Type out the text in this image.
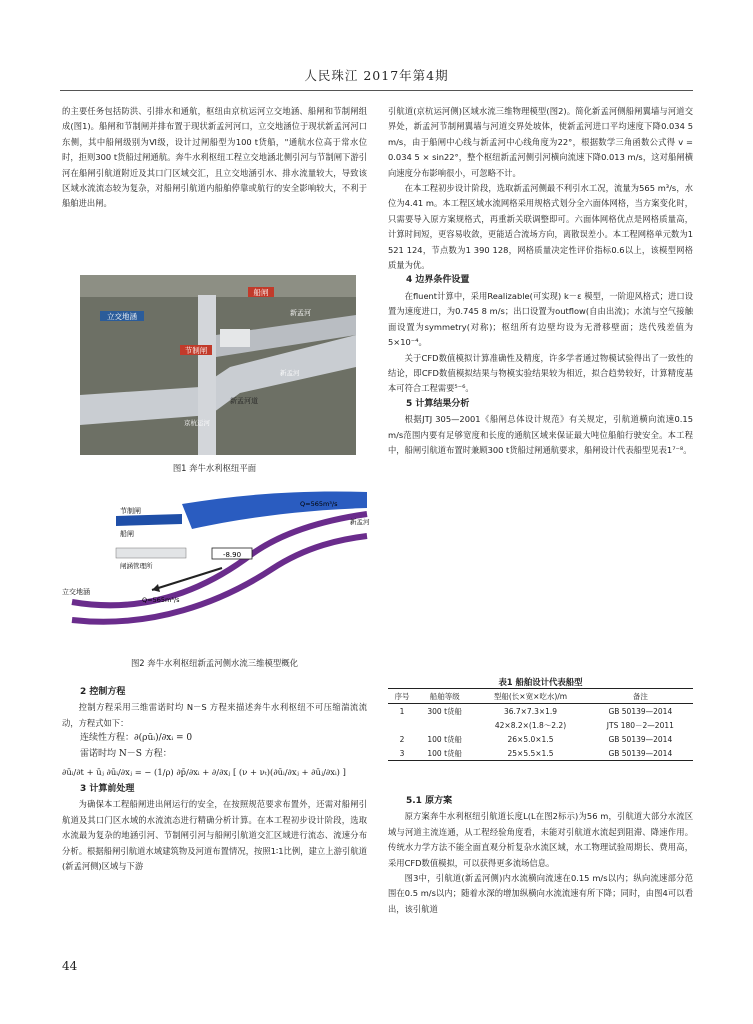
人民珠江 2017年第4期

的主要任务包括防洪、引排水和通航，枢纽由京杭运河立交地涵、船闸和节制闸组成(图1)。船闸和节制闸并排布置于现状新孟河河口，立交地涵位于现状新孟河河口东侧，其中船闸级别为Ⅵ级，设计过闸船型为100 t货船，"通航水位高于常水位时，拒则300 t货船过闸通航。奔牛水利枢纽工程立交地涵北侧引河与节制闸下游引河在船闸引航道附近及其口门区域交汇，且立交地涵引水、排水流量较大，导致该区域水流流态较为复杂，对船闸引航道内船舶停靠或航行的安全影响较大，不利于船舶进出闸。

立交地涵
船闸
节制闸
新孟河
新孟河道
京杭运河
新孟河
图1 奔牛水利枢纽平面
-8.90
节制闸
船闸
闸涵管理所
立交地涵
Q=565m³/s
Q=565m³/s
新孟河
图2 奔牛水利枢纽新孟河侧水流三维模型概化

2 控制方程

控制方程采用三维雷诺时均 N－S 方程来描述奔牛水利枢纽不可压缩湍流流动，方程式如下：

连续性方程：∂(ρūᵢ)/∂xᵢ = 0

雷诺时均 N－S 方程：

∂ūᵢ/∂t + ūⱼ ∂ūᵢ/∂xⱼ = − (1/ρ) ∂p̄/∂xᵢ + ∂/∂xⱼ [ (ν + νₜ)(∂ūᵢ/∂xⱼ + ∂ūⱼ/∂xᵢ) ]

3 计算前处理

为确保本工程船闸进出闸运行的安全，在按照规范要求布置外，还需对船闸引航道及其口门区水域的水流流态进行精确分析计算。在本工程初步设计阶段，选取水流最为复杂的地涵引河、节制闸引河与船闸引航道交汇区域进行流态、流速分布分析。根据船闸引航道水域建筑物及河道布置情况，按照1∶1比例，建立上游引航道(新孟河侧)区域与下游

44

引航道(京杭运河侧)区域水流三维物理模型(图2)。简化新孟河侧船闸翼墙与河道交界处，新孟河节制闸翼墙与河道交界处坡体，使新孟河进口平均速度下降0.034 5 m/s，由于船闸中心线与新孟河中心线角度为22°，根据数学三角函数公式得 v = 0.034 5 × sin22°，整个枢纽新孟河侧引河横向流速下降0.013 m/s，这对船闸横向速度分布影响很小，可忽略不计。

在本工程初步设计阶段，选取新孟河侧最不利引水工况，流量为565 m³/s，水位为4.41 m。本工程区域水流网格采用规格式划分全六面体网格，当方案变化时，只需要导入原方案规格式，再重新关联调整即可。六面体网格优点是网格质量高，计算时间短，更容易收敛，更能适合流场方向，离散误差小。本工程网格单元数为1 521 124，节点数为1 390 128，网格质量决定性评价指标0.6以上，该模型网格质量为优。

4 边界条件设置

在fluent计算中，采用Realizable(可实现) k－ε 模型，一阶迎风格式；进口设置为速度进口，为0.745 8 m/s；出口设置为outflow(自由出流)；水流与空气接触面设置为symmetry(对称)；枢纽所有边壁均设为无滑移壁面；迭代残差值为5×10⁻⁴。

关于CFD数值模拟计算准确性及精度，许多学者通过物模试验得出了一致性的结论，即CFD数值模拟结果与物模实验结果较为相近，拟合趋势较好，计算精度基本可符合工程需要⁵⁻⁶。

5 计算结果分析

根据JTJ 305—2001《船闸总体设计规范》有关规定，引航道横向流速0.15 m/s范围内要有足够宽度和长度的通航区域来保证最大吨位船舶行驶安全。本工程中，船闸引航道布置时兼顾300 t货船过闸通航要求，船闸设计代表船型见表1⁷⁻⁸。

表1 船舶设计代表船型
序号	船舶等级	型船(长×宽×吃水)/m	备注
1	300 t货船	36.7×7.3×1.9	GB 50139—2014
		42×8.2×(1.8～2.2)	JTS 180－2—2011
2	100 t货船	26×5.0×1.5	GB 50139—2014
3	100 t货船	25×5.5×1.5	GB 50139—2014

5.1 原方案

原方案奔牛水利枢纽引航道长度L(L在图2标示)为56 m，引航道大部分水流区域与河道主流连通，从工程经验角度看，未能对引航道水流起到阻滞、降速作用。传统水力学方法不能全面直观分析复杂水流区域，水工物理试验周期长、费用高，采用CFD数值模拟，可以获得更多流场信息。

图3中，引航道(新孟河侧)内水流横向流速在0.15 m/s以内；纵向流速部分范围在0.5 m/s以内；随着水深的增加纵横向水流流速有所下降；同时，由图4可以看出，该引航道
